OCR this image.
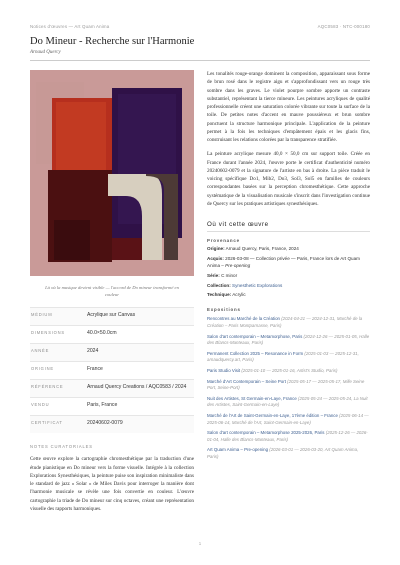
Notices d'œuvres — Art Quam Anima	AQC0583 · NTC-000180
Do Mineur - Recherche sur l'Harmonie
Arnaud Quercy
Là où la musique devient visible — l'accord de Do mineur transformé en couleur
MÉDIUM	Acrylique sur Canvas
DIMENSIONS	40.0×50.0cm
ANNÉE	2024
ORIGINE	France
RÉFÉRENCE	Arnaud Quercy Creations / AQC0583 / 2024
VENDU	Paris, France
CERTIFICAT	20240602-0079
NOTES CURATORIALES
Cette œuvre explore la cartographie chromesthétique par la traduction d'une étude pianistique en Do mineur vers la forme visuelle. Intégrée à la collection Explorations Synesthésiques, la peinture puise son inspiration minimaliste dans le standard de jazz « Solar » de Miles Davis pour interroger la manière dont l'harmonie musicale se révèle une fois convertie en couleur. L'œuvre cartographie la triade de Do mineur sur cinq octaves, créant une représentation visuelle des rapports harmoniques.

Les tonalités rouge-orange dominent la composition, apparaissant sous forme de brun rosé dans le registre aigu et s'approfondissant vers un rouge très sombre dans les graves. Le violet pourpre sombre apporte un contraste substantiel, représentant la tierce mineure. Les peintures acryliques de qualité professionnelle créent une saturation colorée vibrante sur toute la surface de la toile. De petites notes d'accent en mauve poussiéreux et brun sombre ponctuent la structure harmonique principale. L'application de la peinture permet à la fois les techniques d'empâtement épais et les glacis fins, construisant les relations colorées par la transparence stratifiée.

La peinture acrylique mesure 40,0 × 50,0 cm sur support toile. Créée en France durant l'année 2024, l'œuvre porte le certificat d'authenticité numéro 20240602-0079 et la signature de l'artiste en bas à droite. La pièce traduit le voicing spécifique Do1, Mib2, Do3, Sol3, Sol5 en familles de couleurs correspondantes basées sur la perception chromesthétique. Cette approche systématique de la visualisation musicale s'inscrit dans l'investigation continue de Quercy sur les pratiques artistiques synesthésiques.

Où vit cette œuvre
Provenance
Origine: Arnaud Quercy, Paris, France, 2024
Acquis: 2026-03-08 — Collection privée — Paris, France lors de Art Quam Anima – Pre-opening
Série: C minor
Collection: Synesthetic Explorations
Technique: Acrylic
Expositions
Rencontres au Marché de la Création (2024-04-21 — 2024-12-31, Marché de la Création – Paris Montparnasse, Paris)
Salon d'art contemporain – Metamorphose, Paris (2024-12-26 — 2025-01-05, Halle des Blancs-Manteaux, Paris)
Permanent Collection 2025 – Resonance in Form (2025-01-03 — 2025-12-31, arnaudquercy.art, Paris)
Paris Studio Visit (2025-01-10 — 2025-01-16, Artist's Studio, Paris)
Marché d'Art Contemporain – Seine Port (2025-05-17 — 2025-05-17, Mille Seine Port, Seine-Port)
Nuit des Artistes, St Germain-en-Laye, France (2025-05-24 — 2025-05-24, La Nuit des Artistes, Saint-Germain-en-Laye)
Marché de l'Art de Saint-Germain-en-Laye, 17ème édition – France (2025-06-14 — 2025-06-14, Marché de l'Art, Saint-Germain-en-Laye)
Salon d'art contemporain – Metamorphose 2025-2026, Paris (2025-12-26 — 2026-01-04, Halle des Blancs-Manteaux, Paris)
Art Quam Anima – Pre-opening (2026-03-01 — 2026-03-20, Art Quam Anima, Paris)
1
